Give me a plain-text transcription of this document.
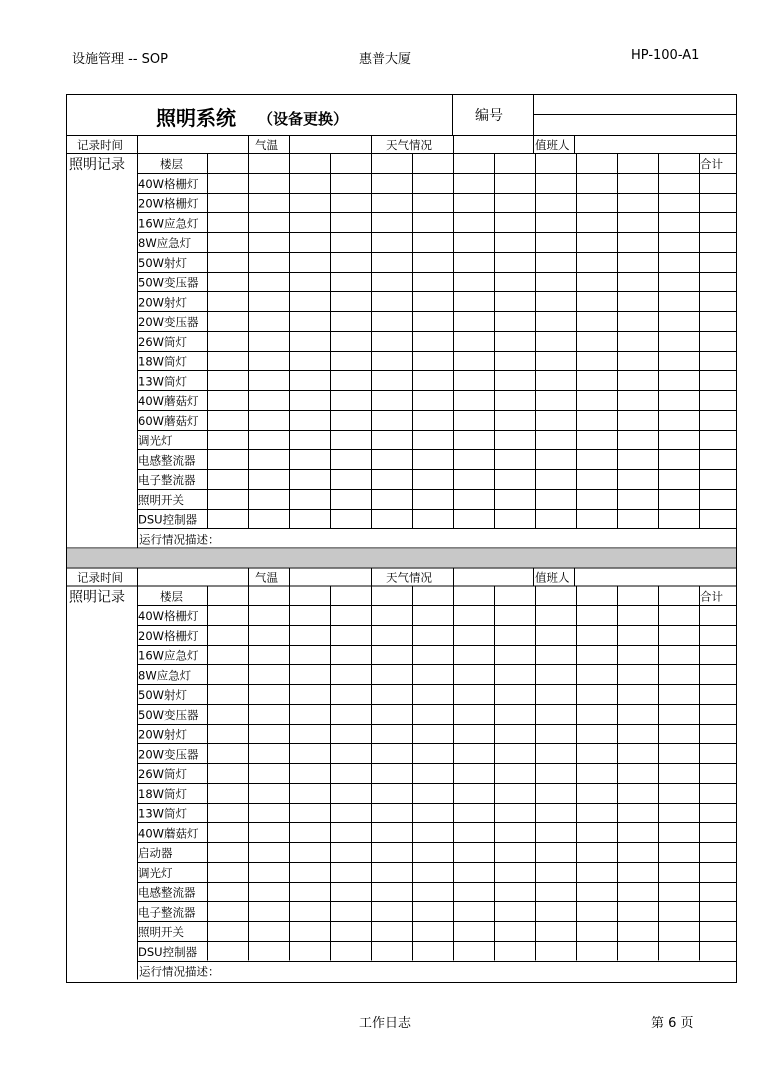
设施管理 -- SOP	惠普大厦	HP-100-A1
照明系统 （设备更换）	编号
记录时间	气温	天气情况	值班人
照明记录	楼层	合计
40W格栅灯
20W格栅灯
16W应急灯
8W应急灯
50W射灯
50W变压器
20W射灯
20W变压器
26W筒灯
18W筒灯
13W筒灯
40W蘑菇灯
60W蘑菇灯
调光灯
电感整流器
电子整流器
照明开关
DSU控制器
运行情况描述：
记录时间	气温	天气情况	值班人
照明记录	楼层	合计
40W格栅灯
20W格栅灯
16W应急灯
8W应急灯
50W射灯
50W变压器
20W射灯
20W变压器
26W筒灯
18W筒灯
13W筒灯
40W蘑菇灯
启动器
调光灯
电感整流器
电子整流器
照明开关
DSU控制器
运行情况描述：
工作日志	第 6 页
